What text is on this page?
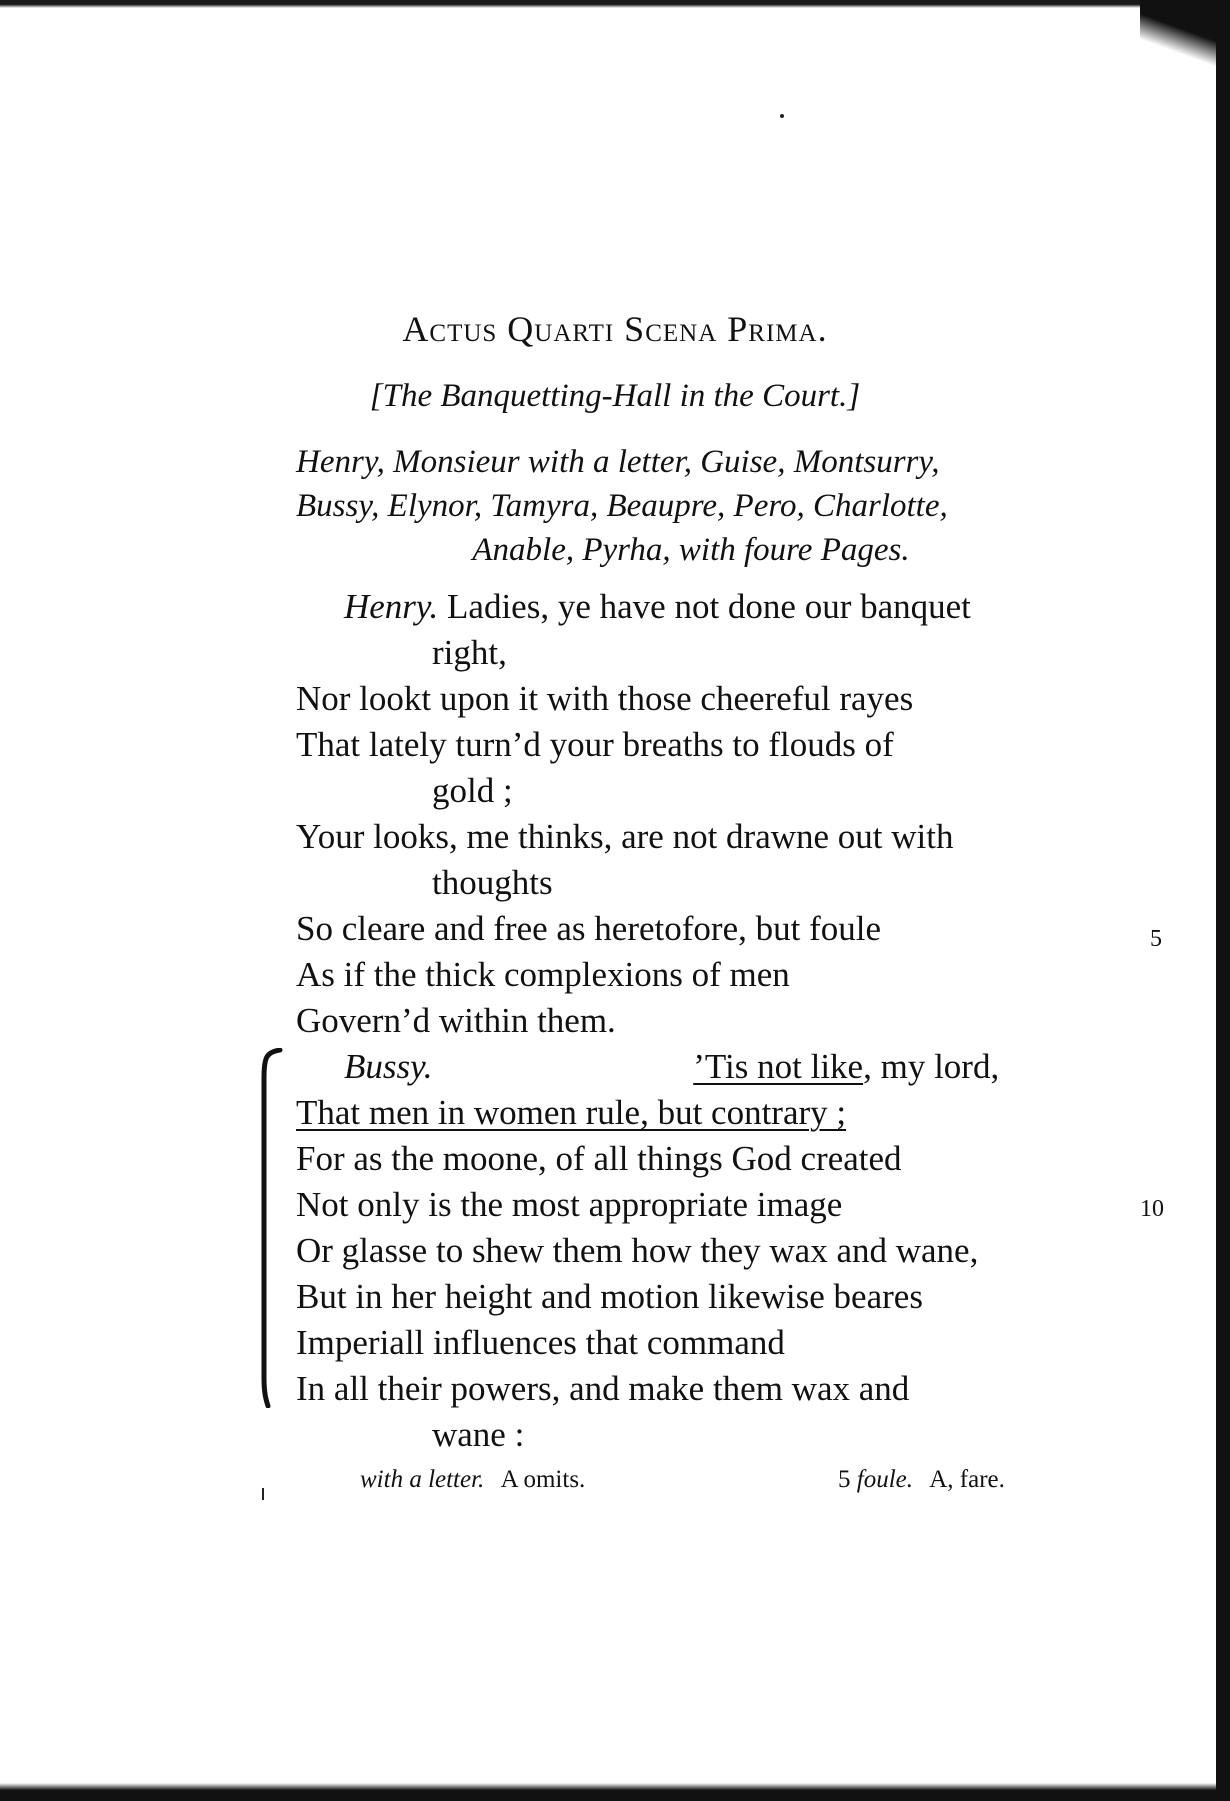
Actus Quarti Scena Prima.
[The Banquetting-Hall in the Court.]
Henry, Monsieur with a letter, Guise, Montsurry,
Bussy, Elynor, Tamyra, Beaupre, Pero, Charlotte,
Anable, Pyrha, with foure Pages.
Henry. Ladies, ye have not done our banquet
right,
Nor lookt upon it with those cheereful rayes
That lately turn’d your breaths to flouds of
gold ;
Your looks, me thinks, are not drawne out with
thoughts
So cleare and free as heretofore, but foule
As if the thick complexions of men
Govern’d within them.
Bussy.	’Tis not like, my lord,
That men in women rule, but contrary ;
For as the moone, of all things God created
Not only is the most appropriate image
Or glasse to shew them how they wax and wane,
But in her height and motion likewise beares
Imperiall influences that command
In all their powers, and make them wax and
wane :
5
10
with a letter. A omits.	5 foule. A, fare.
